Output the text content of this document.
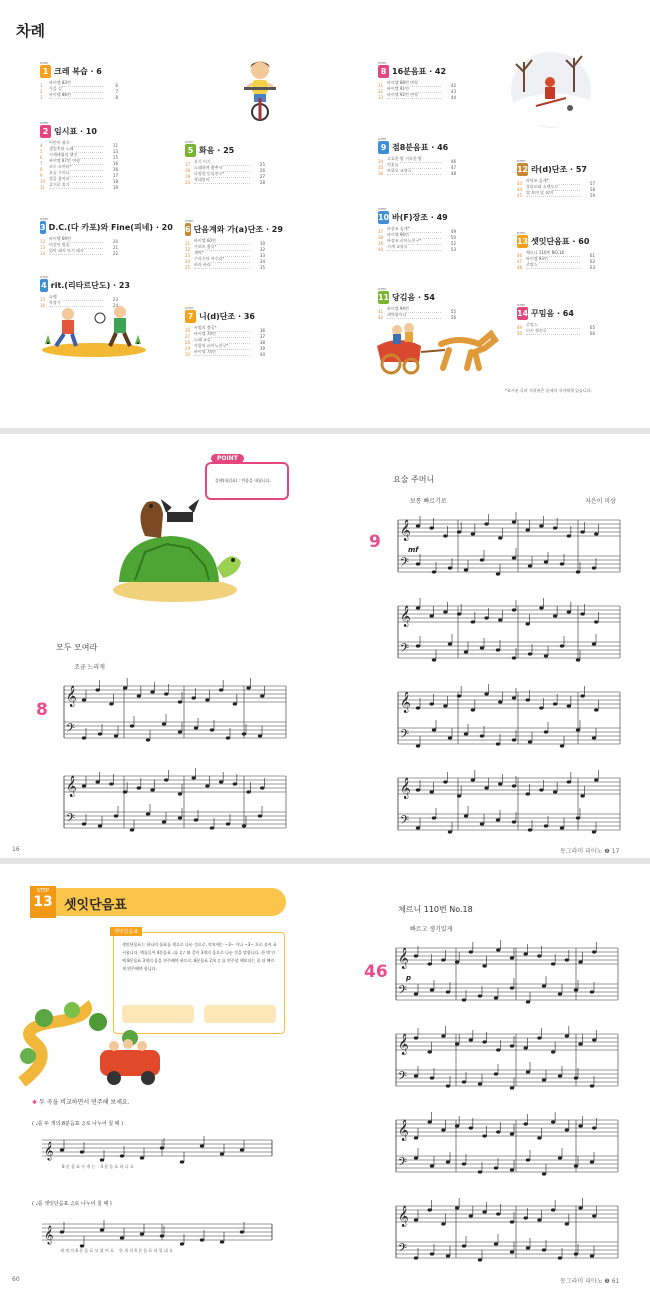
차례
STEP 1 크레 복습 · 6
1	바이엘 83번	6
2	가을 길	7
3	바이엘 86번	8
STEP 2 임시표 · 10
4	어린이 왈츠	11
5	생일축하 노래	13
6	시계태엽의 행진	15
7	바이엘 87번 변형	16
8	모두 모여라*	16
9	요술 주머니	17
10 별을 잡아라	18
11 즐거운 휴가	19
STEP 3 D.C.(다 카포)와 Fine(피네) · 20
12 바이엘 69번	20
13 버섯이 방울	21
14 엄마 돼지 아기 돼지	22
STEP 4 rit.(리타르단도) · 23
15 쇼팽	23
16 자장가	24
STEP 5 화음 · 25
17 오기 어기	25
18 노래하며 춤추자	26
19 다정한 동물친구*	27
20 작대볼이	28
STEP 6 단음계와 가(a)단조 · 29
21 바이엘 60번	30
22 가보트 춤곡*	32
23 새벽*	33
24 수리수리 마수리*	34
25 바라 바라	35
STEP 7 니(d)단조 · 36
26 사랑의 춤곡*	36
27 바이엘 70번	37
28 노래 교실	38
29 사랑의 피아노친구*	39
30 바이엘 74번	40
STEP 8 16분음표 · 42
31 바이엘 88번 변형	42
32 바이엘 91번	43
33 바이엘 92번 변형	44
STEP 9 점8분음표 · 46
34 고요한 밤 거룩한 밤	46
35 멋꽃놀	47
36 트위오 교향곡	48
STEP 10 바(F)장조 · 49
37 바장조 음계*	49
38 바이엘 96번	50
39 바장조 피아노친구*	52
40 시계 교향곡	53
STEP 11 당김음 · 54
41 바이엘 94번	55
42 새벽별이다	56
STEP 12 라(d)단조 · 57
43 라단조 음계*	57
44 플라모와 소렌토로	58
45 별 보며 달 보며	59
STEP 13 셋잇단음표 · 60
46 체르니 110번 NO.18	61
47 바이엘 93번	62
48 로망스	63
STEP 14 꾸밈음 · 64
49 로망스	65
50 터키 행진곡	66
*표시된 곡의 저작권은 음세의 저자에게 있습니다.
POINT
플랫(내림표) : 반음을 내립니다.
모두 모여라
조금 느리게
8
𝄞
𝄢
𝄞
𝄢
16
요술 주머니
보통 빠르기로	지은이 미상
9
𝄞
𝄢
mf
𝄞
𝄢
𝄞
𝄢
𝄞
𝄢
동그라미 피아노 ❷ 17
STEP
13 셋잇단음표
셋잇단음표
셋잇단음표는 하나의 음표를 셋으로 나눈 것으로, 악보에는 −3− 이나 −3− 으로 묶어 표시합니다. 예를들어 4분음표 ♩를 ♫♪ 와 같이 3개의 음으로 나눈 것을 말합니다. 한 박 안에 8분음표 3개의 음을 연주해야 하므로, 8분음표 2개 ♫ 를 연주할 때보다는 좀 더 빠르게 연주해야 합니다.
✱ 두 곡을 비교하면서 연주해 보세요.
( ♩를 두 개의 8분음표 ♫로 나누어 칠 때 )
𝄞
8 분 음 표 두 개 는    4 분 음 표 하 나 요
( ♩를 셋잇단음표 ♫로 나누어 칠 때 )
𝄞
세 개 의 8 분 음 표 모 였 어 요    한 개 의 4 분 음 표 되 었 네 요
60
체르니 110번 No.18
빠르고 생기있게
46
𝄞
𝄢
p
𝄞
𝄢
𝄞
𝄢
𝄞
𝄢
동그라미 피아노 ❷ 61
